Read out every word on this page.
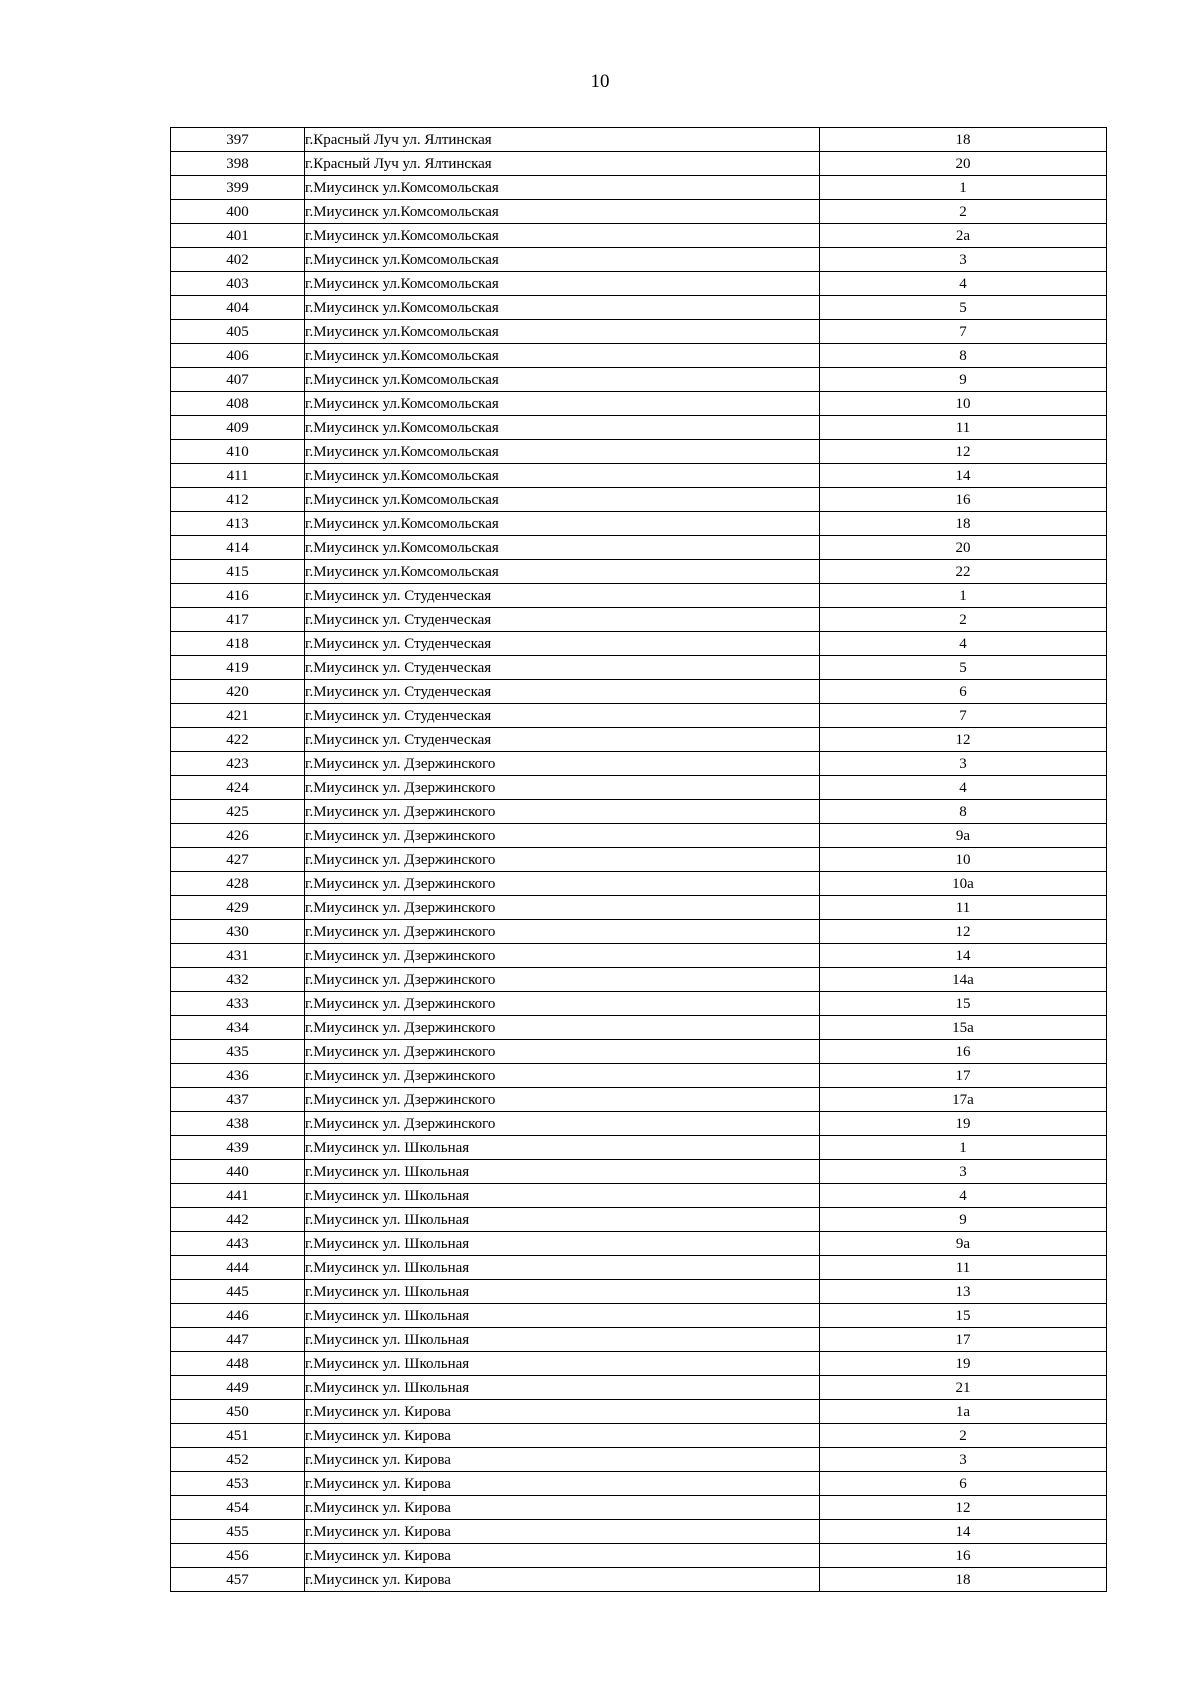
10
397	г.Красный Луч ул. Ялтинская	18
398	г.Красный Луч ул. Ялтинская	20
399	г.Миусинск ул.Комсомольская	1
400	г.Миусинск ул.Комсомольская	2
401	г.Миусинск ул.Комсомольская	2а
402	г.Миусинск ул.Комсомольская	3
403	г.Миусинск ул.Комсомольская	4
404	г.Миусинск ул.Комсомольская	5
405	г.Миусинск ул.Комсомольская	7
406	г.Миусинск ул.Комсомольская	8
407	г.Миусинск ул.Комсомольская	9
408	г.Миусинск ул.Комсомольская	10
409	г.Миусинск ул.Комсомольская	11
410	г.Миусинск ул.Комсомольская	12
411	г.Миусинск ул.Комсомольская	14
412	г.Миусинск ул.Комсомольская	16
413	г.Миусинск ул.Комсомольская	18
414	г.Миусинск ул.Комсомольская	20
415	г.Миусинск ул.Комсомольская	22
416	г.Миусинск ул. Студенческая	1
417	г.Миусинск ул. Студенческая	2
418	г.Миусинск ул. Студенческая	4
419	г.Миусинск ул. Студенческая	5
420	г.Миусинск ул. Студенческая	6
421	г.Миусинск ул. Студенческая	7
422	г.Миусинск ул. Студенческая	12
423	г.Миусинск ул. Дзержинского	3
424	г.Миусинск ул. Дзержинского	4
425	г.Миусинск ул. Дзержинского	8
426	г.Миусинск ул. Дзержинского	9а
427	г.Миусинск ул. Дзержинского	10
428	г.Миусинск ул. Дзержинского	10а
429	г.Миусинск ул. Дзержинского	11
430	г.Миусинск ул. Дзержинского	12
431	г.Миусинск ул. Дзержинского	14
432	г.Миусинск ул. Дзержинского	14а
433	г.Миусинск ул. Дзержинского	15
434	г.Миусинск ул. Дзержинского	15а
435	г.Миусинск ул. Дзержинского	16
436	г.Миусинск ул. Дзержинского	17
437	г.Миусинск ул. Дзержинского	17а
438	г.Миусинск ул. Дзержинского	19
439	г.Миусинск ул. Школьная	1
440	г.Миусинск ул. Школьная	3
441	г.Миусинск ул. Школьная	4
442	г.Миусинск ул. Школьная	9
443	г.Миусинск ул. Школьная	9а
444	г.Миусинск ул. Школьная	11
445	г.Миусинск ул. Школьная	13
446	г.Миусинск ул. Школьная	15
447	г.Миусинск ул. Школьная	17
448	г.Миусинск ул. Школьная	19
449	г.Миусинск ул. Школьная	21
450	г.Миусинск ул. Кирова	1а
451	г.Миусинск ул. Кирова	2
452	г.Миусинск ул. Кирова	3
453	г.Миусинск ул. Кирова	6
454	г.Миусинск ул. Кирова	12
455	г.Миусинск ул. Кирова	14
456	г.Миусинск ул. Кирова	16
457	г.Миусинск ул. Кирова	18
